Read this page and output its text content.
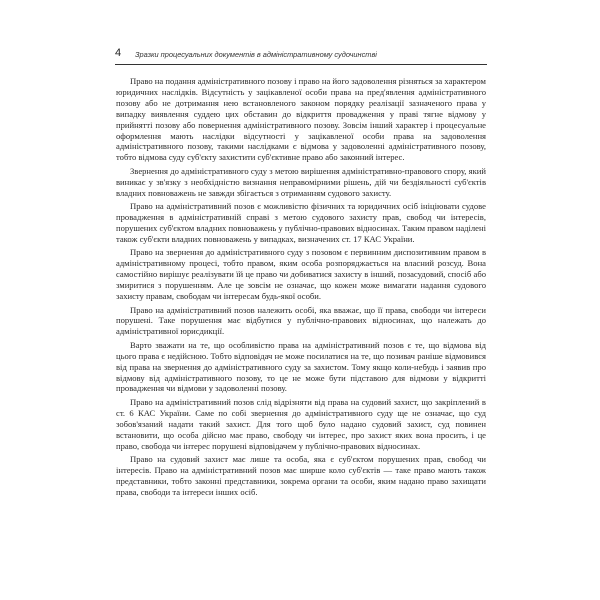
4 Зразки процесуальних документів в адміністративному судочинстві

Право на подання адміністративного позову і право на його задоволення різняться за характером юридичних наслідків. Відсутність у зацікавленої особи права на пред'явлення адміністративного позову або не дотримання нею встановленого законом порядку реалізації зазначеного права у випадку виявлення суддею цих обставин до відкриття провадження у праві тягне відмову у прийнятті позову або повернення адміністративного позову. Зовсім інший характер і процесуальне оформлення мають наслідки відсутності у зацікавленої особи права на задоволення адміністративного позову, такими наслідками є відмова у задоволенні адміністративного позову, тобто відмова суду суб'єкту захистити суб'єктивне право або законний інтерес.

Звернення до адміністративного суду з метою вирішення адміністративно-правового спору, який виникає у зв'язку з необхідністю визнання неправомірними рішень, дій чи бездіяльності суб'єктів владних повноважень не завжди збігається з отриманням судового захисту.

Право на адміністративний позов є можливістю фізичних та юридичних осіб ініціювати судове провадження в адміністративній справі з метою судового захисту прав, свобод чи інтересів, порушених суб'єктом владних повноважень у публічно-правових відносинах. Таким правом наділені також суб'єкти владних повноважень у випадках, визначених ст. 17 КАС України.

Право на звернення до адміністративного суду з позовом є первинним диспозитивним правом в адміністративному процесі, тобто правом, яким особа розпоряджається на власний розсуд. Вона самостійно вирішує реалізувати їй це право чи добиватися захисту в інший, позасудовий, спосіб або змиритися з порушенням. Але це зовсім не означає, що кожен може вимагати надання судового захисту правам, свободам чи інтересам будь-якої особи.

Право на адміністративний позов належить особі, яка вважає, що її права, свободи чи інтереси порушені. Таке порушення має відбутися у публічно-правових відносинах, що належать до адміністративної юрисдикції.

Варто зважати на те, що особливістю права на адміністративний позов є те, що відмова від цього права є недійсною. Тобто відповідач не може посилатися на те, що позивач раніше відмовився від права на звернення до адміністративного суду за захистом. Тому якщо коли-небудь і заявив про відмову від адміністративного позову, то це не може бути підставою для відмови у відкритті провадження чи відмови у задоволенні позову.

Право на адміністративний позов слід відрізняти від права на судовий захист, що закріплений в ст. 6 КАС України. Саме по собі звернення до адміністративного суду ще не означає, що суд зобов'язаний надати такий захист. Для того щоб було надано судовий захист, суд повинен встановити, що особа дійсно має право, свободу чи інтерес, про захист яких вона просить, і це право, свобода чи інтерес порушені відповідачем у публічно-правових відносинах.

Право на судовий захист має лише та особа, яка є суб'єктом порушених прав, свобод чи інтересів. Право на адміністративний позов має ширше коло суб'єктів — таке право мають також представники, тобто законні представники, зокрема органи та особи, яким надано право захищати права, свободи та інтереси інших осіб.
